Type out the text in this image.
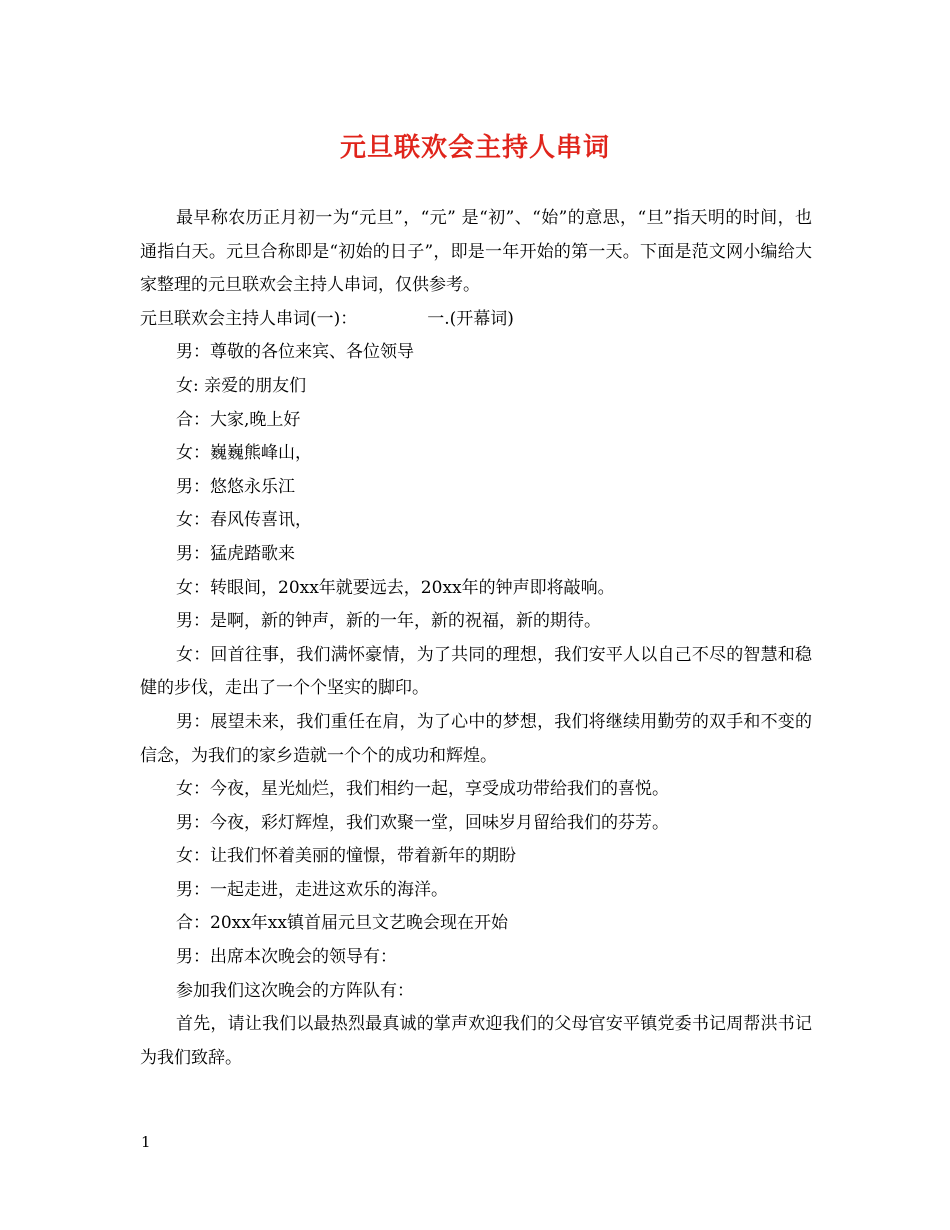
元旦联欢会主持人串词

最早称农历正月初一为“元旦”，“元” 是“初”、“始”的意思，“旦”指天明的时间，也通指白天。元旦合称即是“初始的日子”，即是一年开始的第一天。下面是范文网小编给大家整理的元旦联欢会主持人串词，仅供参考。

元旦联欢会主持人串词(一)：	一.(开幕词)

男：尊敬的各位来宾、各位领导

女: 亲爱的朋友们

合：大家,晚上好

女：巍巍熊峰山，

男：悠悠永乐江

女：春风传喜讯，

男：猛虎踏歌来

女：转眼间，20xx年就要远去，20xx年的钟声即将敲响。

男：是啊，新的钟声，新的一年，新的祝福，新的期待。

女：回首往事，我们满怀豪情，为了共同的理想，我们安平人以自己不尽的智慧和稳健的步伐，走出了一个个坚实的脚印。

男：展望未来，我们重任在肩，为了心中的梦想，我们将继续用勤劳的双手和不变的信念，为我们的家乡造就一个个的成功和辉煌。

女：今夜，星光灿烂，我们相约一起，享受成功带给我们的喜悦。

男：今夜，彩灯辉煌，我们欢聚一堂，回味岁月留给我们的芬芳。

女：让我们怀着美丽的憧憬，带着新年的期盼

男：一起走进，走进这欢乐的海洋。

合：20xx年xx镇首届元旦文艺晚会现在开始

男：出席本次晚会的领导有：

参加我们这次晚会的方阵队有：

首先，请让我们以最热烈最真诚的掌声欢迎我们的父母官安平镇党委书记周帮洪书记为我们致辞。

1
